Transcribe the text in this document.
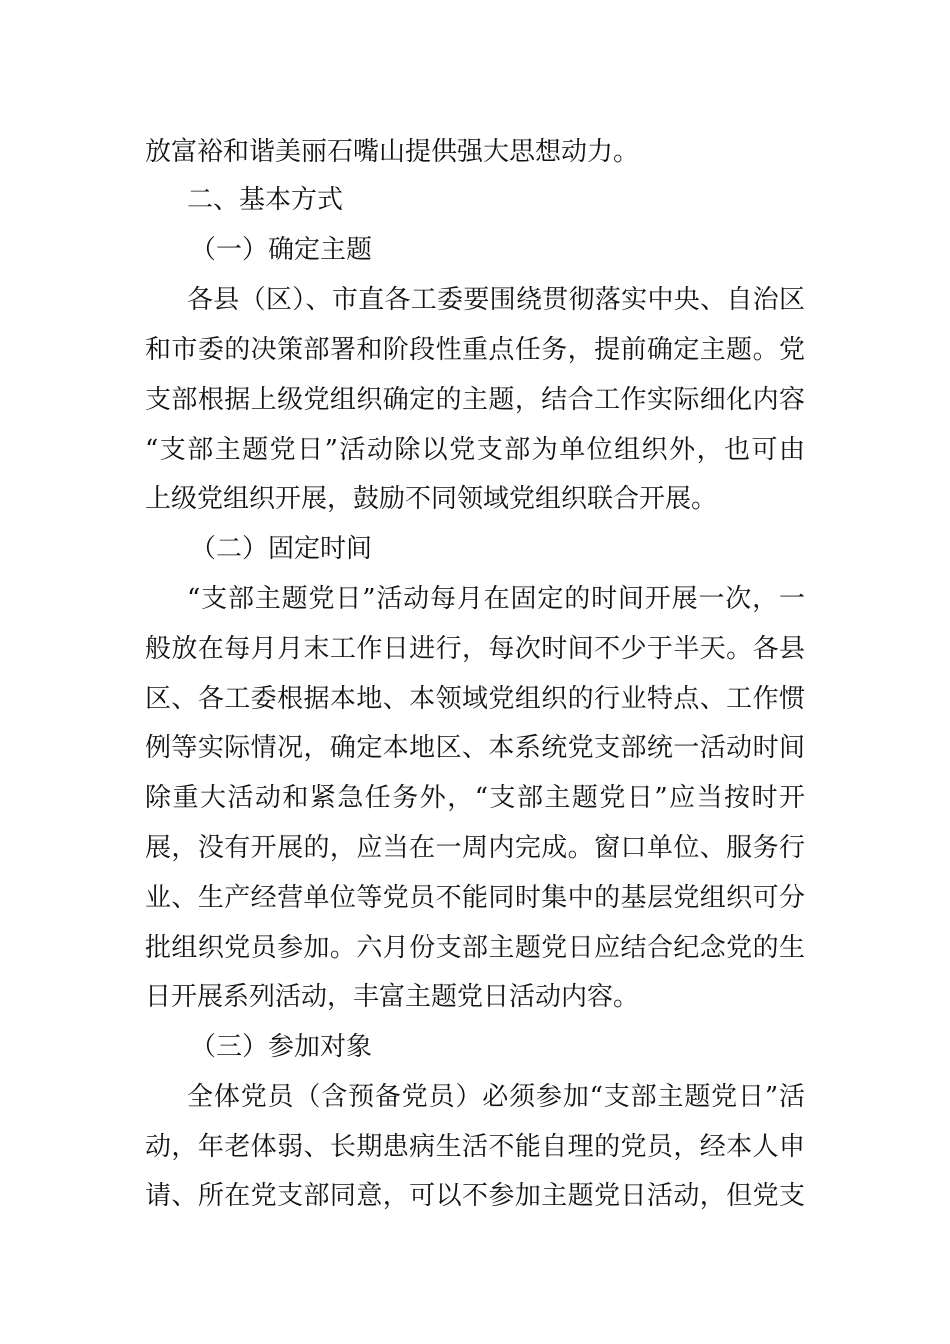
放富裕和谐美丽石嘴山提供强大思想动力。
二、基本方式
（一）确定主题
各县（区）、市直各工委要围绕贯彻落实中央、自治区
和市委的决策部署和阶段性重点任务，提前确定主题。党
支部根据上级党组织确定的主题，结合工作实际细化内容
“支部主题党日”活动除以党支部为单位组织外，也可由
上级党组织开展，鼓励不同领域党组织联合开展。
（二）固定时间
“支部主题党日”活动每月在固定的时间开展一次，一
般放在每月月末工作日进行，每次时间不少于半天。各县
区、各工委根据本地、本领域党组织的行业特点、工作惯
例等实际情况，确定本地区、本系统党支部统一活动时间
除重大活动和紧急任务外，“支部主题党日”应当按时开
展，没有开展的，应当在一周内完成。窗口单位、服务行
业、生产经营单位等党员不能同时集中的基层党组织可分
批组织党员参加。六月份支部主题党日应结合纪念党的生
日开展系列活动，丰富主题党日活动内容。
（三）参加对象
全体党员（含预备党员）必须参加“支部主题党日”活
动，年老体弱、长期患病生活不能自理的党员，经本人申
请、所在党支部同意，可以不参加主题党日活动，但党支
